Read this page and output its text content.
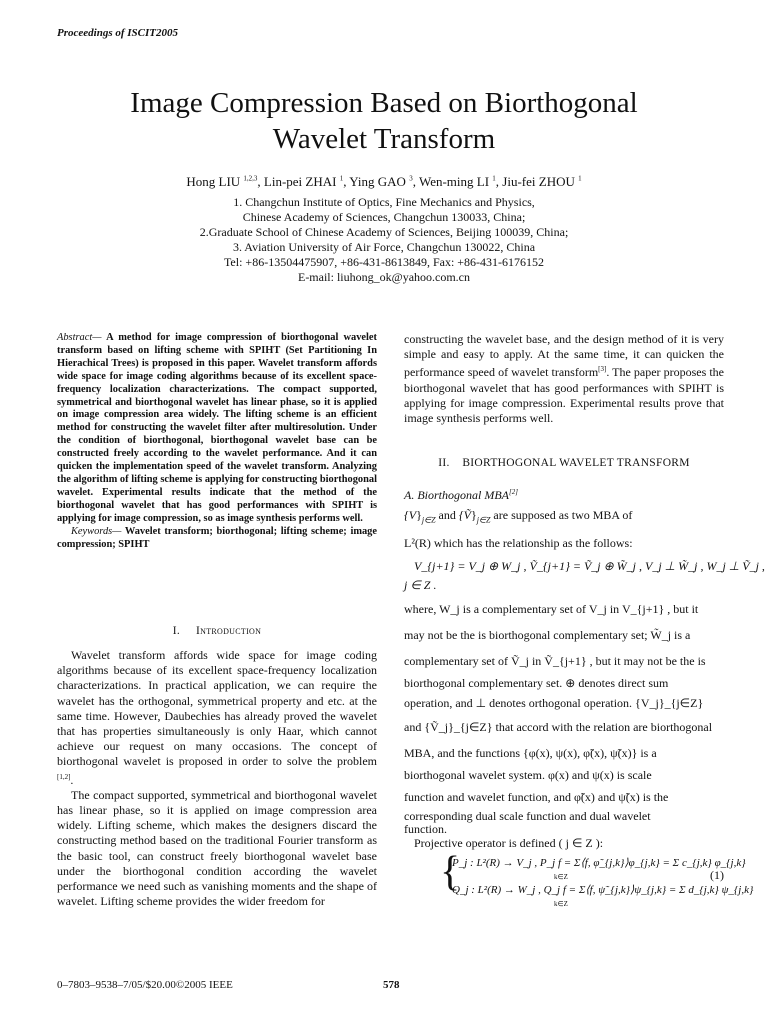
Proceedings of ISCIT2005
Image Compression Based on Biorthogonal
Wavelet Transform
Hong LIU $^{1,2,3}$, Lin-pei ZHAI $^1$, Ying GAO $^3$, Wen-ming LI $^1$, Jiu-fei ZHOU $^1$
1. Changchun Institute of Optics, Fine Mechanics and Physics,
Chinese Academy of Sciences, Changchun 130033, China;
2.Graduate School of Chinese Academy of Sciences, Beijing 100039, China;
3. Aviation University of Air Force, Changchun 130022, China
Tel: +86-13504475907, +86-431-8613849, Fax: +86-431-6176152
E-mail: liuhong_ok@yahoo.com.cn
Abstract— A method for image compression of biorthogonal wavelet transform based on lifting scheme with SPIHT (Set Partitioning In Hierachical Trees) is proposed in this paper. Wavelet transform affords wide space for image coding algorithms because of its excellent space-frequency localization characterizations. The compact supported, symmetrical and biorthogonal wavelet has linear phase, so it is applied on image compression area widely. The lifting scheme is an efficient method for constructing the wavelet filter after multiresolution. Under the condition of biorthogonal, biorthogonal wavelet base can be constructed freely according to the wavelet performance. And it can quicken the implementation speed of the wavelet transform. Analyzing the algorithm of lifting scheme is applying for constructing biorthogonal wavelet. Experimental results indicate that the method of the biorthogonal wavelet that has good performances with SPIHT is applying for image compression, so as image synthesis performs well.
Keywords— Wavelet transform; biorthogonal; lifting scheme; image compression; SPIHT
I. Introduction

Wavelet transform affords wide space for image coding algorithms because of its excellent space-frequency localization characterizations. In practical application, we can require the wavelet has the orthogonal, symmetrical property and etc. at the same time. However, Daubechies has already proved the wavelet that has properties simultaneously is only Haar, which cannot achieve our request on many occasions. The concept of biorthogonal wavelet is proposed in order to solve the problem [1,2].

The compact supported, symmetrical and biorthogonal wavelet has linear phase, so it is applied on image compression area widely. Lifting scheme, which makes the designers discard the constructing method based on the traditional Fourier transform as the basic tool, can construct freely biorthogonal wavelet base under the biorthogonal condition according the wavelet performance we need such as vanishing moments and the shape of wavelet. Lifting scheme provides the wider freedom for

constructing the wavelet base, and the design method of it is very simple and easy to apply. At the same time, it can quicken the performance speed of wavelet transform[3]. The paper proposes the biorthogonal wavelet that has good performances with SPIHT is applying for image compression. Experimental results prove that image synthesis performs well.
II. BIORTHOGONAL WAVELET TRANSFORM
A. Biorthogonal MBA[2]
$\{V\}_{j\in Z}$ and $\{Ṽ\}_{j\in Z}$ are supposed as two MBA of
L²(R) which has the relationship as the follows:
V_{j+1} = V_j ⊕ W_j , Ṽ_{j+1} = Ṽ_j ⊕ W̃_j , V_j ⊥ W̃_j , W_j ⊥ Ṽ_j ,
j ∈ Z .
where, W_j is a complementary set of V_j in V_{j+1} , but it
may not be the is biorthogonal complementary set; W̃_j is a
complementary set of Ṽ_j in Ṽ_{j+1} , but it may not be the is
biorthogonal complementary set. ⊕ denotes direct sum
operation, and ⊥ denotes orthogonal operation. {V_j}_{j∈Z}
and {Ṽ_j}_{j∈Z} that accord with the relation are biorthogonal
MBA, and the functions {φ(x), ψ(x), φ̃(x), ψ̃(x)} is a
biorthogonal wavelet system. φ(x) and ψ(x) is scale
function and wavelet function, and φ̃(x) and ψ̃(x) is the
corresponding dual scale function and dual wavelet
function.
Projective operator is defined ( j ∈ Z ):
{
P_j : L²(R) → V_j , P_j f = Σ⟨f, φ̃_{j,k}⟩φ_{j,k} = Σ c_{j,k} φ_{j,k}
k∈Z
Q_j : L²(R) → W_j , Q_j f = Σ⟨f, ψ̃_{j,k}⟩ψ_{j,k} = Σ d_{j,k} ψ_{j,k}
k∈Z
(1)
0–7803–9538–7/05/$20.00©2005 IEEE	578
